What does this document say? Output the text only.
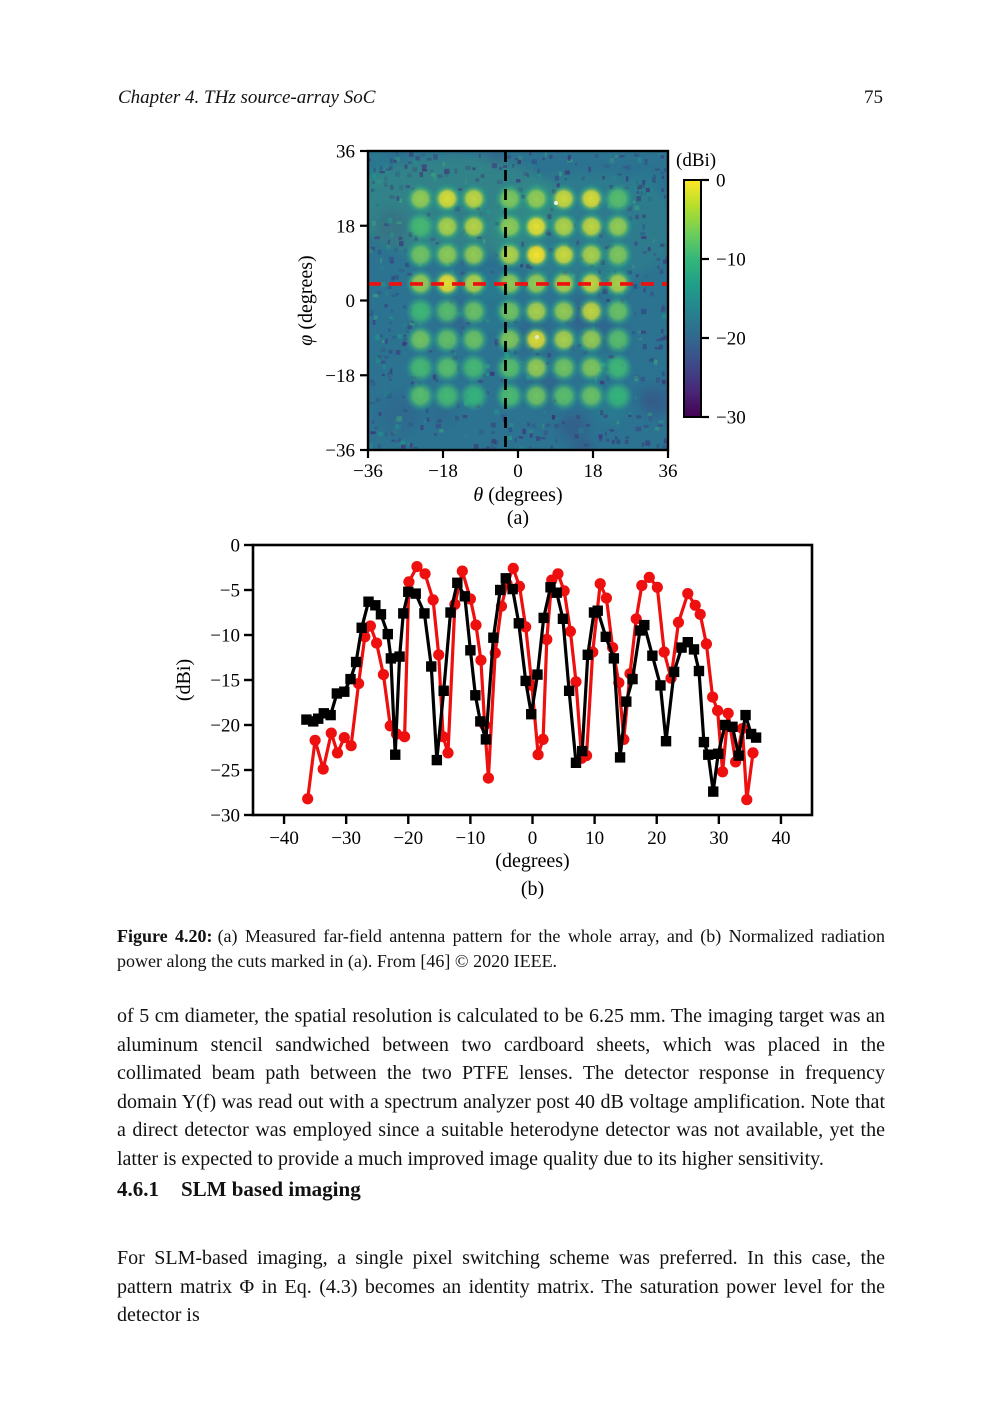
Chapter 4. THz source-array SoC	75
−36 −18	0	18	36
36
18
0
−18
−36
θ (degrees)
φ (degrees)
(a)
0
−10
−20
−30
(dBi)
−40 −30 −20 −10 0	10 20 30 40
0
−5
−10
−15
−20
−25
−30
(degrees)
(dBi)
(b)

Figure 4.20: (a) Measured far-field antenna pattern for the whole array, and (b) Normalized radiation power along the cuts marked in (a). From [46] © 2020 IEEE.

of 5 cm diameter, the spatial resolution is calculated to be 6.25 mm. The imaging target was an aluminum stencil sandwiched between two cardboard sheets, which was placed in the collimated beam path between the two PTFE lenses. The detector response in frequency domain Y(f) was read out with a spectrum analyzer post 40 dB voltage amplification. Note that a direct detector was employed since a suitable heterodyne detector was not available, yet the latter is expected to provide a much improved image quality due to its higher sensitivity.

4.6.1 SLM based imaging

For SLM-based imaging, a single pixel switching scheme was preferred. In this case, the pattern matrix Φ in Eq. (4.3) becomes an identity matrix. The saturation power level for the detector is
